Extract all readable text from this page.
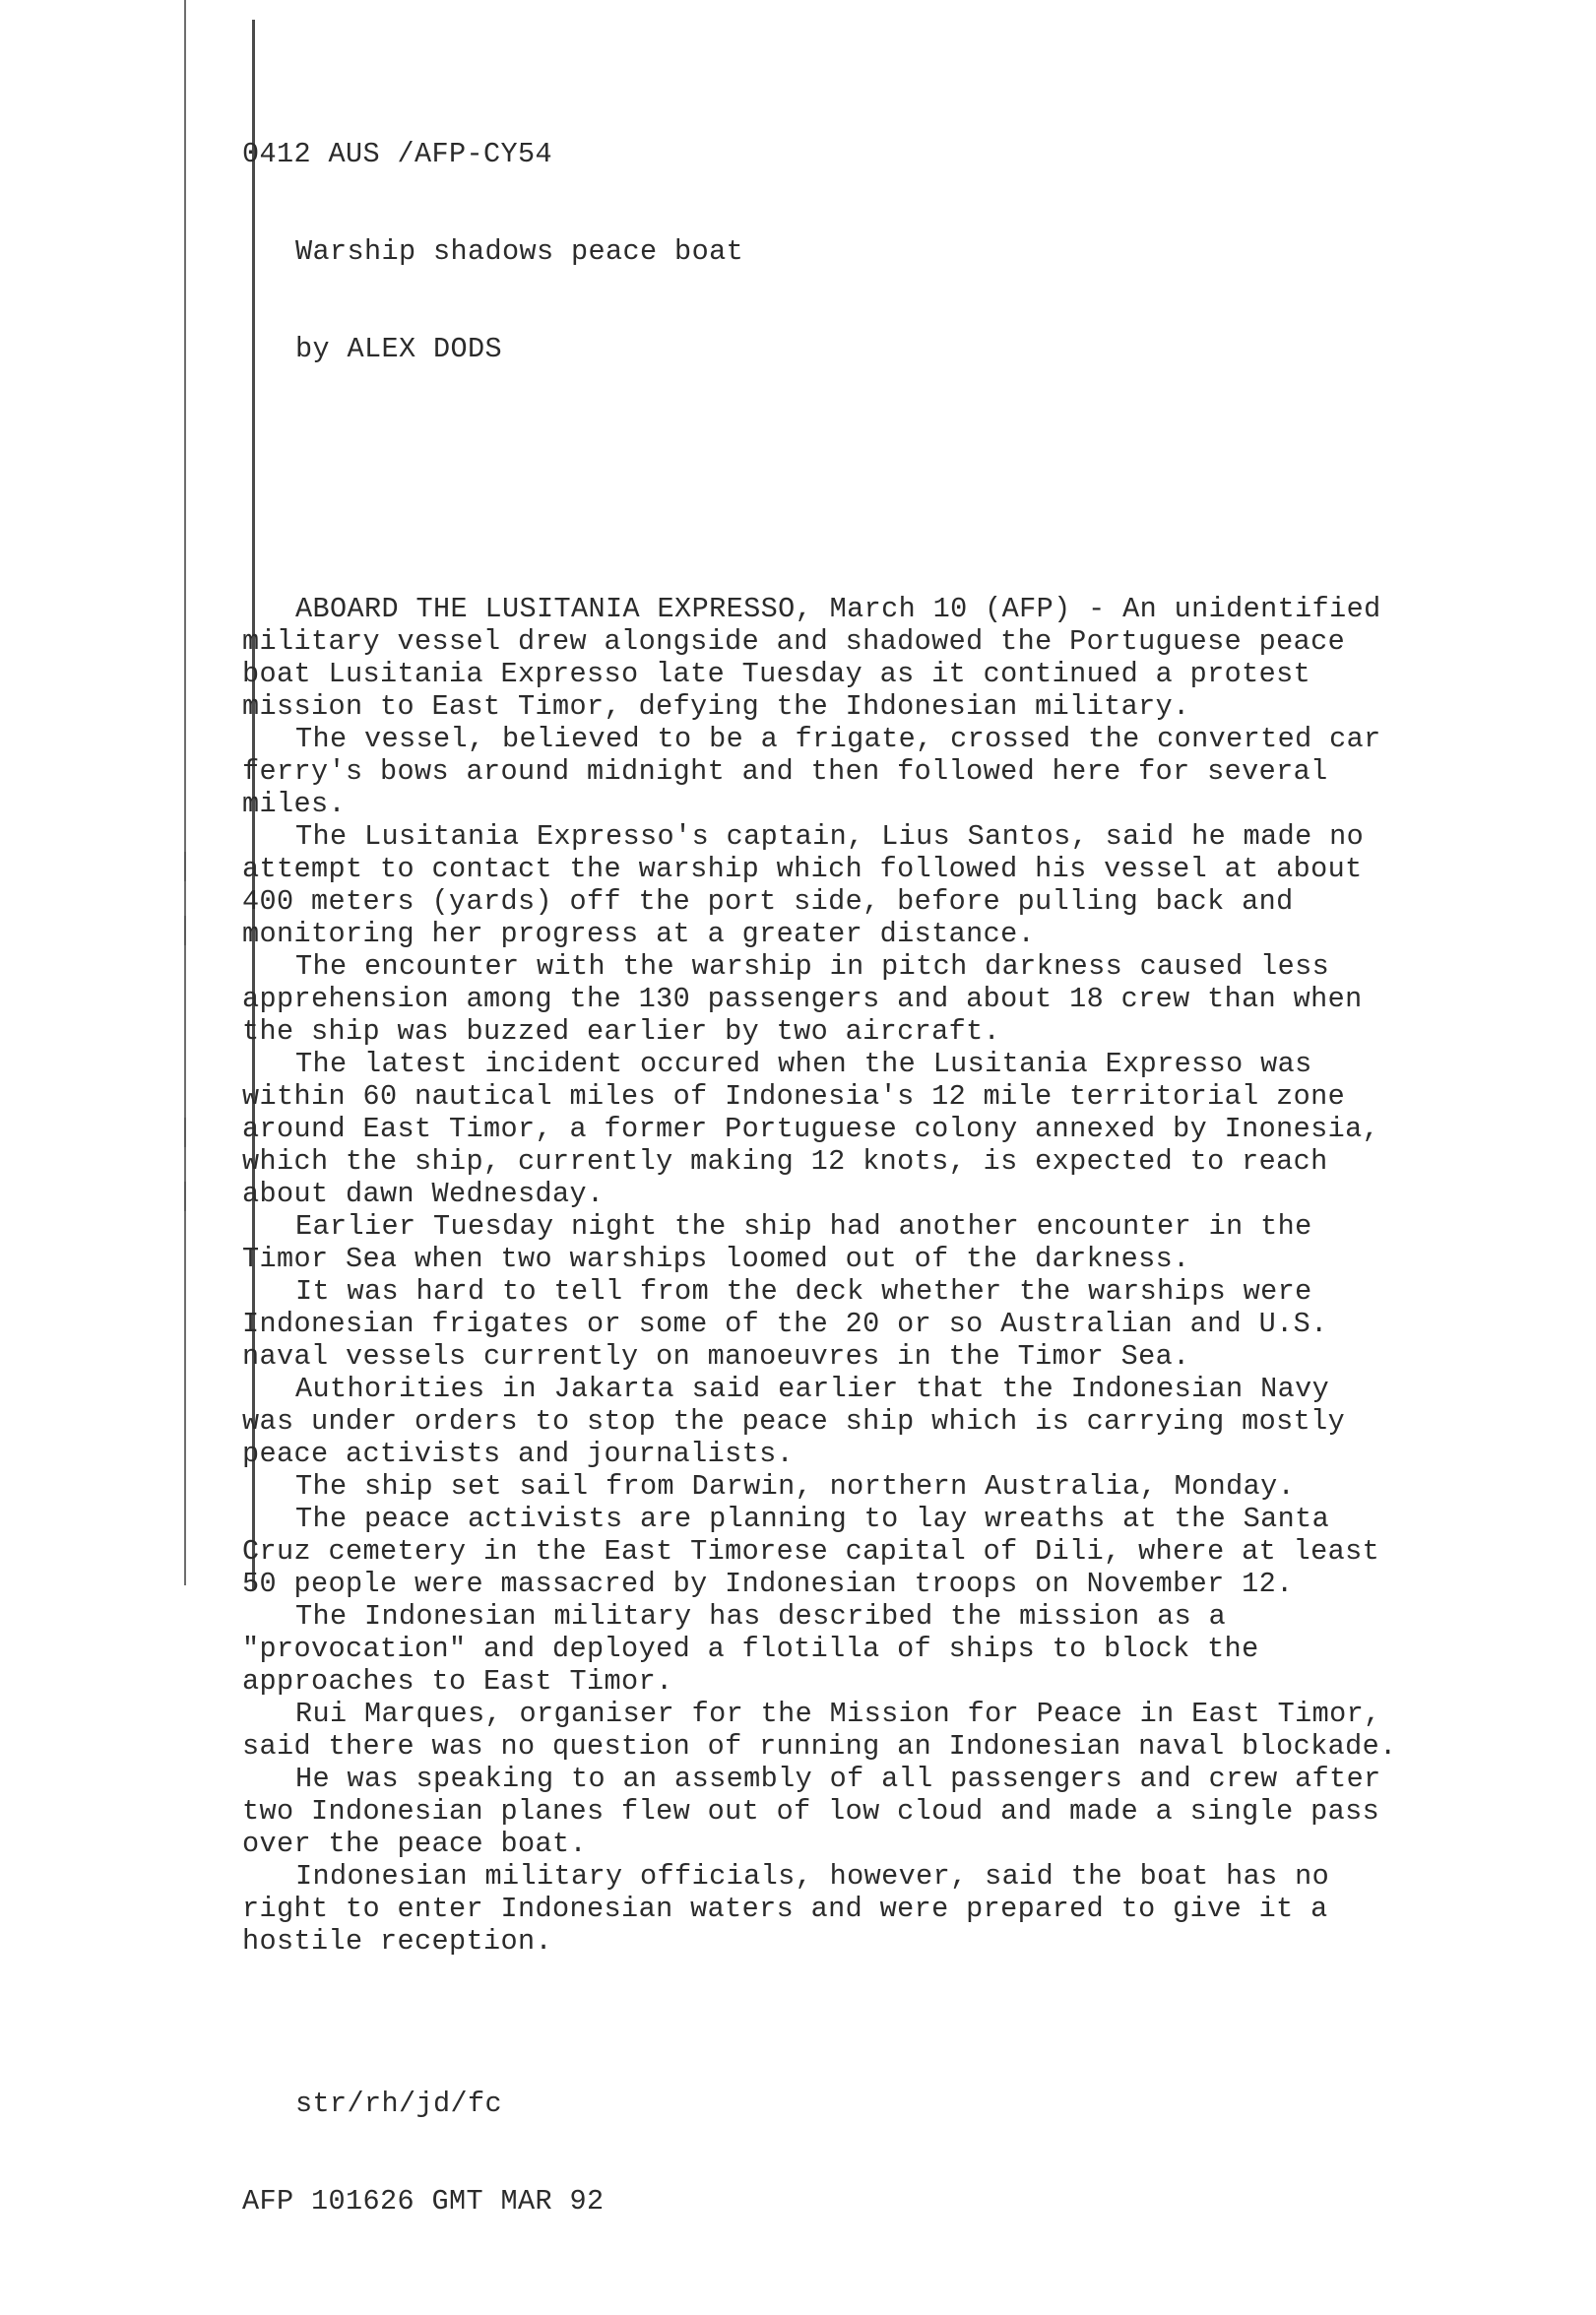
0412 AUS /AFP-CY54

Warship shadows peace boat

by ALEX DODS

ABOARD THE LUSITANIA EXPRESSO, March 10 (AFP) - An unidentified
military vessel drew alongside and shadowed the Portuguese peace
boat Lusitania Expresso late Tuesday as it continued a protest
mission to East Timor, defying the Ihdonesian military.
The vessel, believed to be a frigate, crossed the converted car
ferry's bows around midnight and then followed here for several
miles.
The Lusitania Expresso's captain, Lius Santos, said he made no
attempt to contact the warship which followed his vessel at about
400 meters (yards) off the port side, before pulling back and
monitoring her progress at a greater distance.
The encounter with the warship in pitch darkness caused less
apprehension among the 130 passengers and about 18 crew than when
the ship was buzzed earlier by two aircraft.
The latest incident occured when the Lusitania Expresso was
within 60 nautical miles of Indonesia's 12 mile territorial zone
around East Timor, a former Portuguese colony annexed by Inonesia,
which the ship, currently making 12 knots, is expected to reach
about dawn Wednesday.
Earlier Tuesday night the ship had another encounter in the
Timor Sea when two warships loomed out of the darkness.
It was hard to tell from the deck whether the warships were
Indonesian frigates or some of the 20 or so Australian and U.S.
naval vessels currently on manoeuvres in the Timor Sea.
Authorities in Jakarta said earlier that the Indonesian Navy
was under orders to stop the peace ship which is carrying mostly
peace activists and journalists.
The ship set sail from Darwin, northern Australia, Monday.
The peace activists are planning to lay wreaths at the Santa
Cruz cemetery in the East Timorese capital of Dili, where at least
50 people were massacred by Indonesian troops on November 12.
The Indonesian military has described the mission as a
"provocation" and deployed a flotilla of ships to block the
approaches to East Timor.
Rui Marques, organiser for the Mission for Peace in East Timor,
said there was no question of running an Indonesian naval blockade.
He was speaking to an assembly of all passengers and crew after
two Indonesian planes flew out of low cloud and made a single pass
over the peace boat.
Indonesian military officials, however, said the boat has no
right to enter Indonesian waters and were prepared to give it a
hostile reception.

str/rh/jd/fc

AFP 101626 GMT MAR 92
